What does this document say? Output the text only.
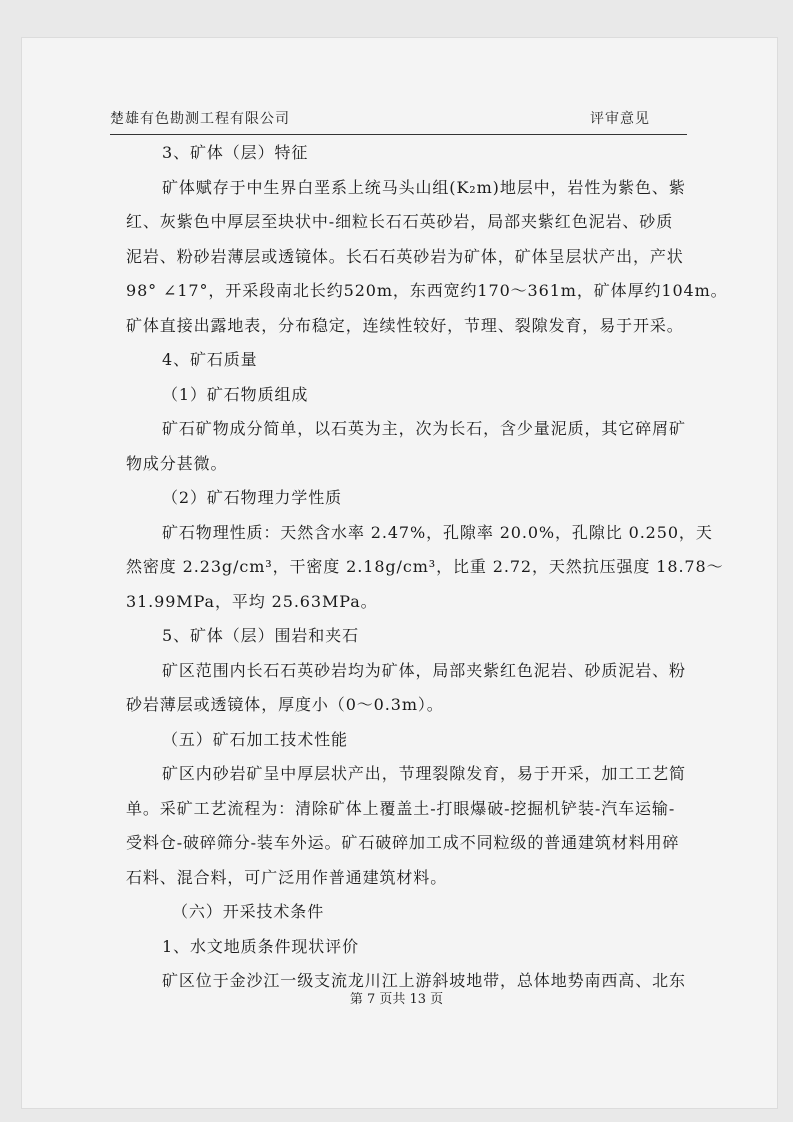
楚雄有色勘测工程有限公司	评审意见
3、矿体（层）特征
矿体赋存于中生界白垩系上统马头山组(K₂m)地层中，岩性为紫色、紫
红、灰紫色中厚层至块状中-细粒长石石英砂岩，局部夹紫红色泥岩、砂质
泥岩、粉砂岩薄层或透镜体。长石石英砂岩为矿体，矿体呈层状产出，产状
98° ∠17°，开采段南北长约520m，东西宽约170～361m，矿体厚约104m。
矿体直接出露地表，分布稳定，连续性较好，节理、裂隙发育，易于开采。
4、矿石质量
（1）矿石物质组成
矿石矿物成分简单，以石英为主，次为长石，含少量泥质，其它碎屑矿
物成分甚微。
（2）矿石物理力学性质
矿石物理性质：天然含水率 2.47%，孔隙率 20.0%，孔隙比 0.250，天
然密度 2.23g/cm³，干密度 2.18g/cm³，比重 2.72，天然抗压强度 18.78～
31.99MPa，平均 25.63MPa。
5、矿体（层）围岩和夹石
矿区范围内长石石英砂岩均为矿体，局部夹紫红色泥岩、砂质泥岩、粉
砂岩薄层或透镜体，厚度小（0～0.3m）。
（五）矿石加工技术性能
矿区内砂岩矿呈中厚层状产出，节理裂隙发育，易于开采，加工工艺简
单。采矿工艺流程为：清除矿体上覆盖土-打眼爆破-挖掘机铲装-汽车运输-
受料仓-破碎筛分-装车外运。矿石破碎加工成不同粒级的普通建筑材料用碎
石料、混合料，可广泛用作普通建筑材料。
（六）开采技术条件
1、水文地质条件现状评价
矿区位于金沙江一级支流龙川江上游斜坡地带，总体地势南西高、北东
第 7 页共 13 页
